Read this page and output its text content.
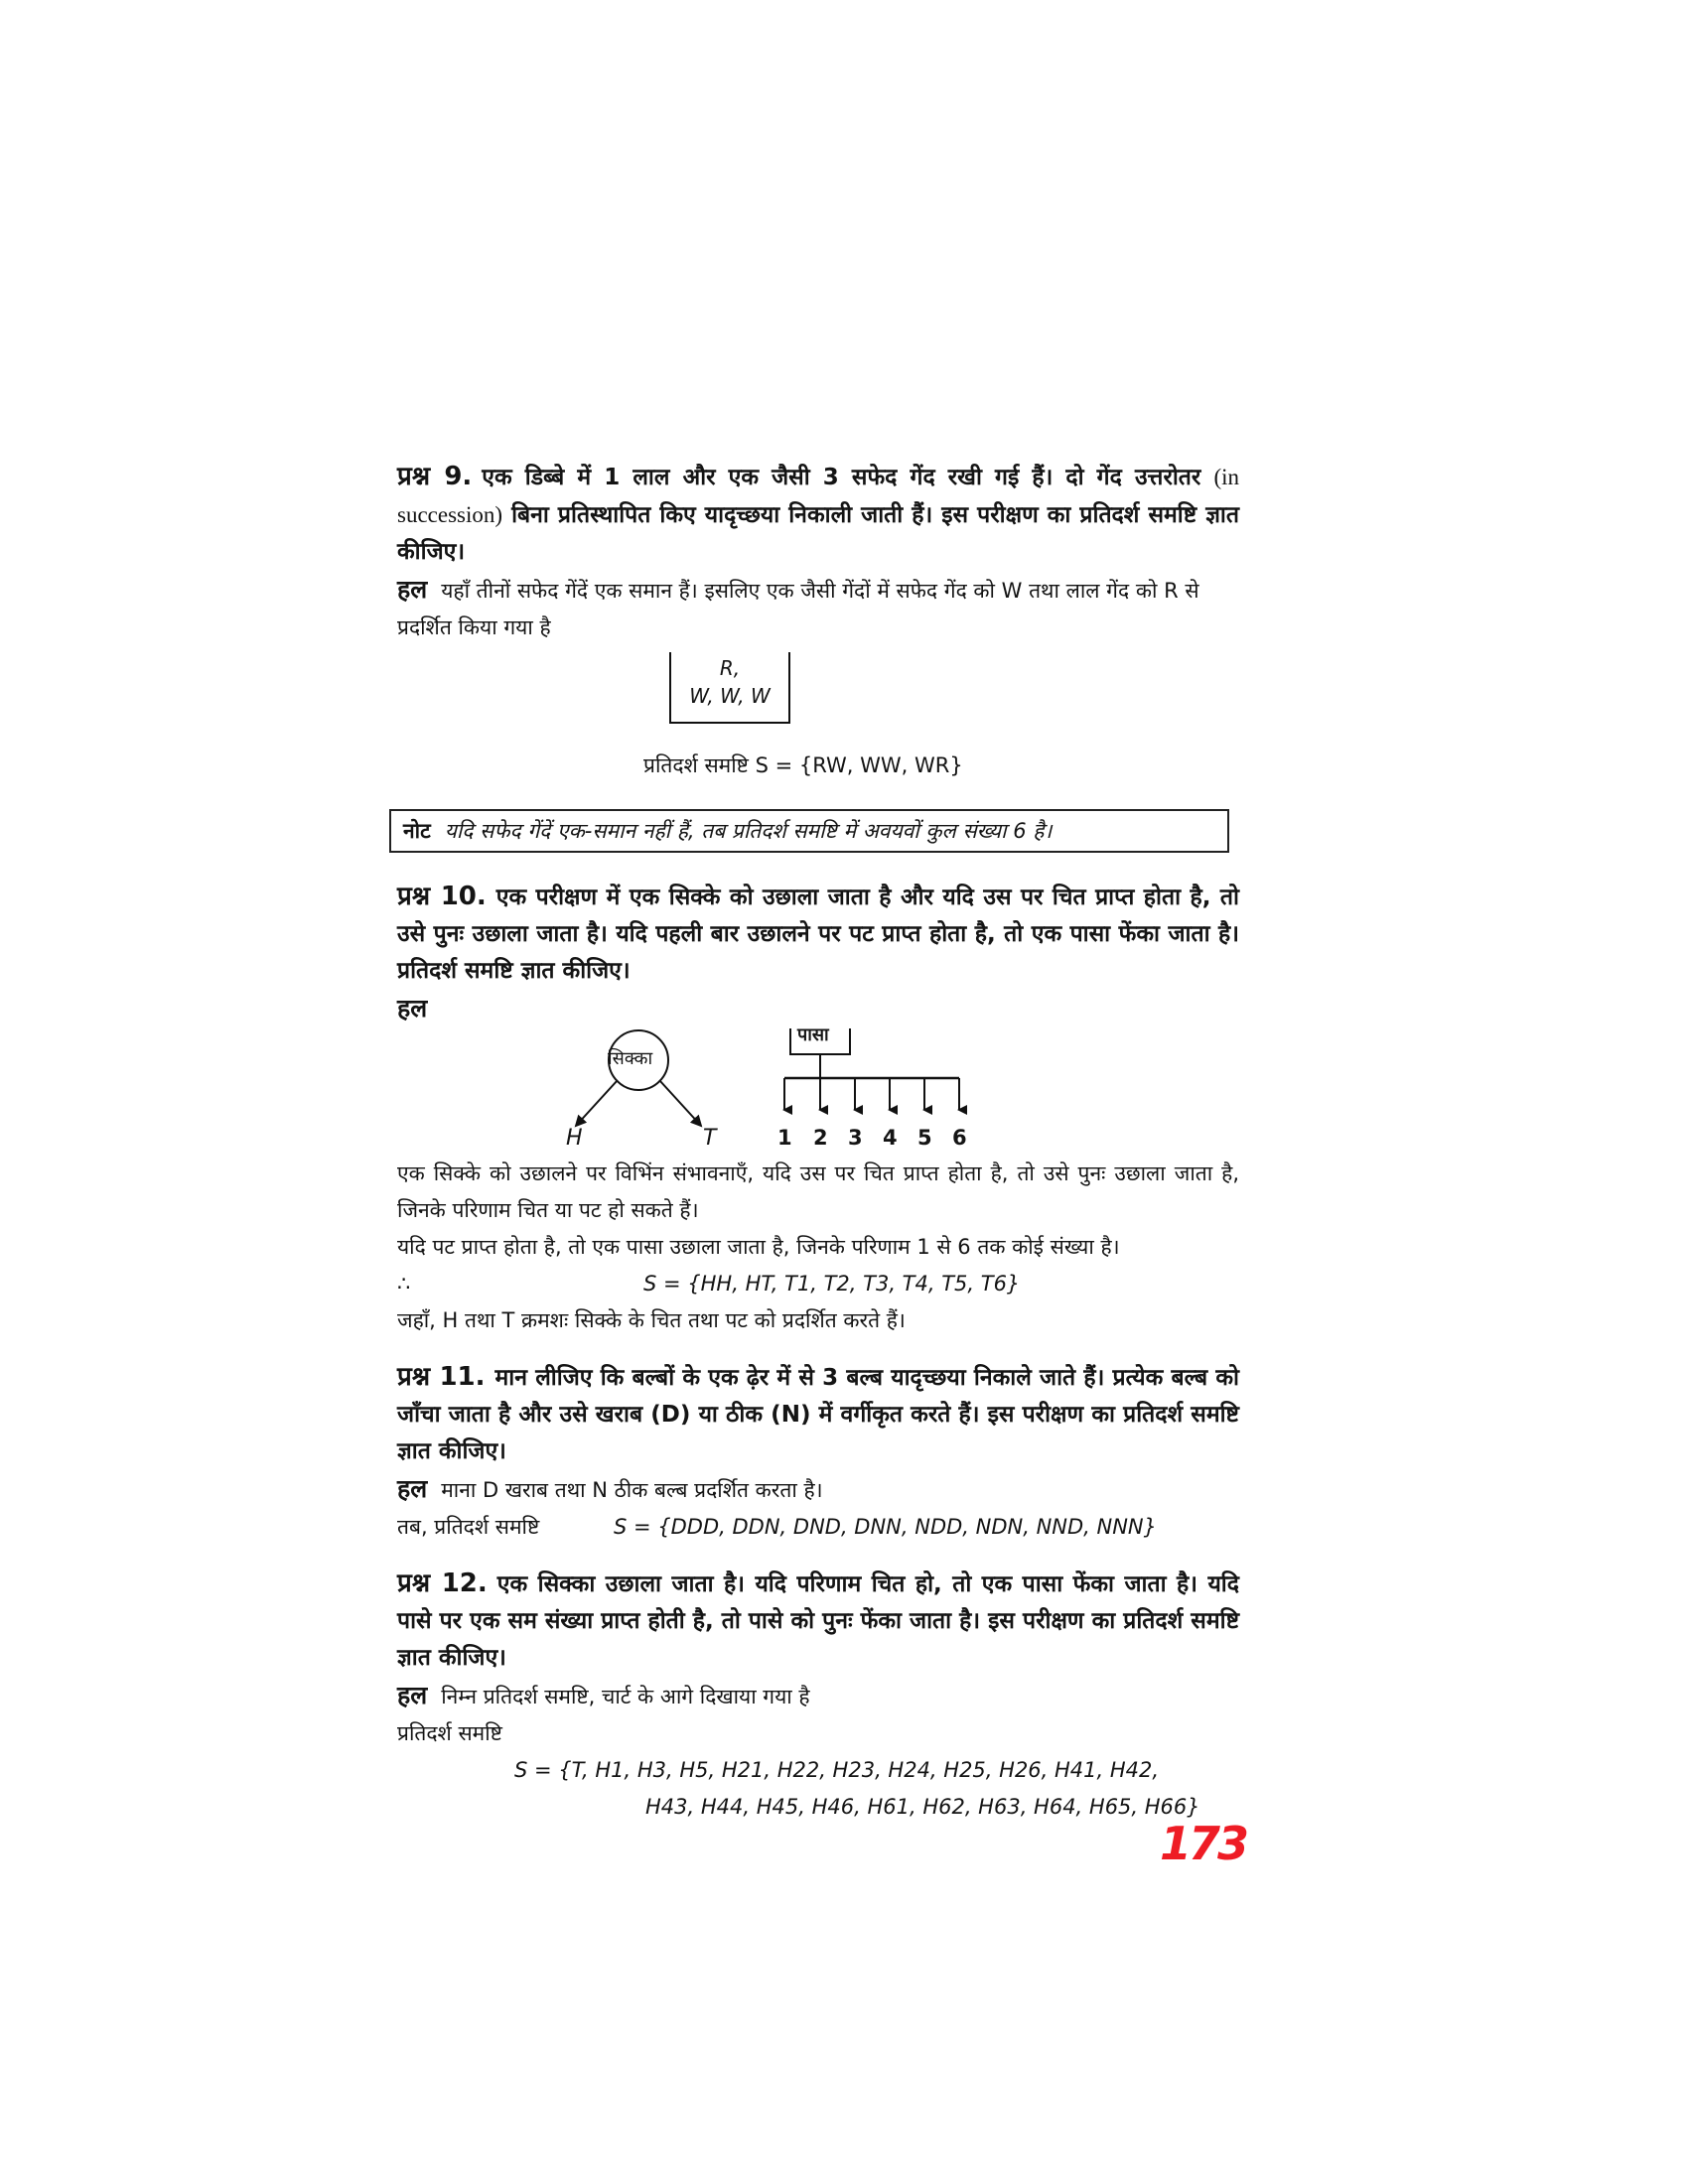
प्रश्न 9. एक डिब्बे में 1 लाल और एक जैसी 3 सफेद गेंद रखी गई हैं। दो गेंद उत्तरोतर (in succession) बिना प्रतिस्थापित किए यादृच्छया निकाली जाती हैं। इस परीक्षण का प्रतिदर्श समष्टि ज्ञात कीजिए।

हल यहाँ तीनों सफेद गेंदें एक समान हैं। इसलिए एक जैसी गेंदों में सफेद गेंद को W तथा लाल गेंद को R से प्रदर्शित किया गया है

R,
W, W, W

प्रतिदर्श समष्टि S = {RW, WW, WR}

नोट यदि सफेद गेंदें एक-समान नहीं हैं, तब प्रतिदर्श समष्टि में अवयवों कुल संख्या 6 है।

प्रश्न 10. एक परीक्षण में एक सिक्के को उछाला जाता है और यदि उस पर चित प्राप्त होता है, तो उसे पुनः उछाला जाता है। यदि पहली बार उछालने पर पट प्राप्त होता है, तो एक पासा फेंका जाता है। प्रतिदर्श समष्टि ज्ञात कीजिए।

हल

सिक्का
H	T
पासा
1 2 3 4 5 6

एक सिक्के को उछालने पर विभिंन संभावनाएँ, यदि उस पर चित प्राप्त होता है, तो उसे पुनः उछाला जाता है, जिनके परिणाम चित या पट हो सकते हैं।

यदि पट प्राप्त होता है, तो एक पासा उछाला जाता है, जिनके परिणाम 1 से 6 तक कोई संख्या है।

∴	S = {HH, HT, T1, T2, T3, T4, T5, T6}

जहाँ, H तथा T क्रमशः सिक्के के चित तथा पट को प्रदर्शित करते हैं।

प्रश्न 11. मान लीजिए कि बल्बों के एक ढ़ेर में से 3 बल्ब यादृच्छया निकाले जाते हैं। प्रत्येक बल्ब को जाँचा जाता है और उसे खराब (D) या ठीक (N) में वर्गीकृत करते हैं। इस परीक्षण का प्रतिदर्श समष्टि ज्ञात कीजिए।

हल माना D खराब तथा N ठीक बल्ब प्रदर्शित करता है।

तब, प्रतिदर्श समष्टि	S = {DDD, DDN, DND, DNN, NDD, NDN, NND, NNN}

प्रश्न 12. एक सिक्का उछाला जाता है। यदि परिणाम चित हो, तो एक पासा फेंका जाता है। यदि पासे पर एक सम संख्या प्राप्त होती है, तो पासे को पुनः फेंका जाता है। इस परीक्षण का प्रतिदर्श समष्टि ज्ञात कीजिए।

हल निम्न प्रतिदर्श समष्टि, चार्ट के आगे दिखाया गया है

प्रतिदर्श समष्टि

S = {T, H1, H3, H5, H21, H22, H23, H24, H25, H26, H41, H42,

H43, H44, H45, H46, H61, H62, H63, H64, H65, H66}

173
